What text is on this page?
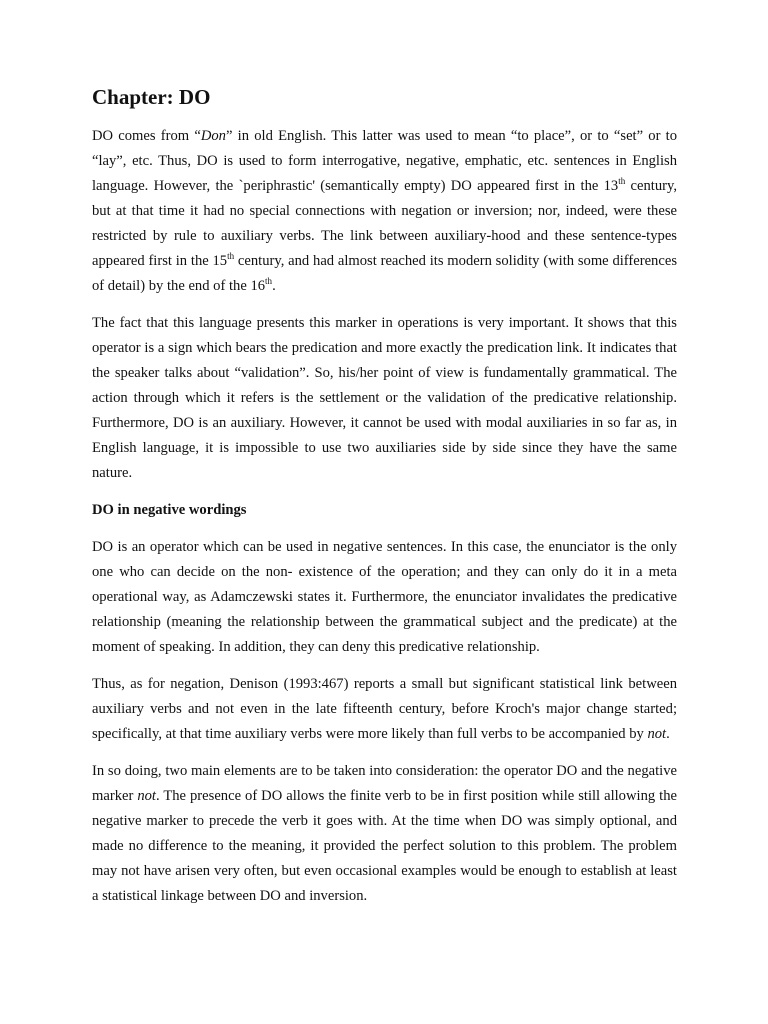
Chapter: DO

DO comes from “Don” in old English. This latter was used to mean “to place”, or to “set” or to “lay”, etc. Thus, DO is used to form interrogative, negative, emphatic, etc. sentences in English language. However, the `periphrastic' (semantically empty) DO appeared first in the 13th century, but at that time it had no special connections with negation or inversion; nor, indeed, were these restricted by rule to auxiliary verbs. The link between auxiliary-hood and these sentence-types appeared first in the 15th century, and had almost reached its modern solidity (with some differences of detail) by the end of the 16th.

The fact that this language presents this marker in operations is very important. It shows that this operator is a sign which bears the predication and more exactly the predication link. It indicates that the speaker talks about “validation”. So, his/her point of view is fundamentally grammatical. The action through which it refers is the settlement or the validation of the predicative relationship. Furthermore, DO is an auxiliary. However, it cannot be used with modal auxiliaries in so far as, in English language, it is impossible to use two auxiliaries side by side since they have the same nature.

DO in negative wordings

DO is an operator which can be used in negative sentences. In this case, the enunciator is the only one who can decide on the non- existence of the operation; and they can only do it in a meta operational way, as Adamczewski states it. Furthermore, the enunciator invalidates the predicative relationship (meaning the relationship between the grammatical subject and the predicate) at the moment of speaking. In addition, they can deny this predicative relationship.

Thus, as for negation, Denison (1993:467) reports a small but significant statistical link between auxiliary verbs and not even in the late fifteenth century, before Kroch's major change started; specifically, at that time auxiliary verbs were more likely than full verbs to be accompanied by not.

In so doing, two main elements are to be taken into consideration: the operator DO and the negative marker not. The presence of DO allows the finite verb to be in first position while still allowing the negative marker to precede the verb it goes with. At the time when DO was simply optional, and made no difference to the meaning, it provided the perfect solution to this problem. The problem may not have arisen very often, but even occasional examples would be enough to establish at least a statistical linkage between DO and inversion.
